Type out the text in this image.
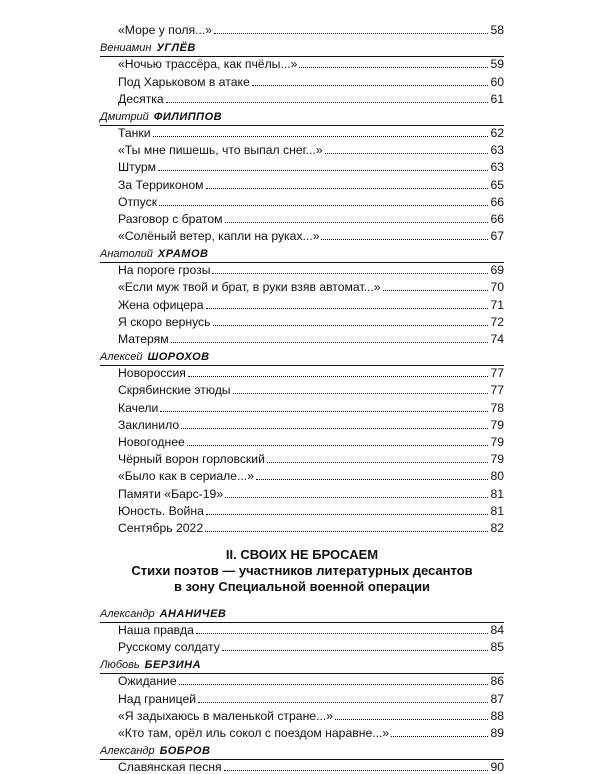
«Море у поля...»	58
Вениамин УГЛЁВ
«Ночью трассёра, как пчёлы...»	59
Под Харьковом в атаке	60
Десятка	61
Дмитрий ФИЛИППОВ
Танки	62
«Ты мне пишешь, что выпал снег...»	63
Штурм	63
За Терриконом	65
Отпуск	66
Разговор с братом	66
«Солёный ветер, капли на руках...»	67
Анатолий ХРАМОВ
На пороге грозы	69
«Если муж твой и брат, в руки взяв автомат...»	70
Жена офицера	71
Я скоро вернусь	72
Матерям	74
Алексей ШОРОХОВ
Новороссия	77
Скрябинские этюды	77
Качели	78
Заклинило	79
Новогоднее	79
Чёрный ворон горловский	79
«Было как в сериале...»	80
Памяти «Барс-19»	81
Юность. Война	81
Сентябрь 2022	82
II. СВОИХ НЕ БРОСАЕМ
Стихи поэтов — участников литературных десантов
в зону Специальной военной операции
Александр АНАНИЧЕВ
Наша правда	84
Русскому солдату	85
Любовь БЕРЗИНА
Ожидание	86
Над границей	87
«Я задыхаюсь в маленькой стране...»	88
«Кто там, орёл иль сокол с поездом наравне...»	89
Александр БОБРОВ
Славянская песня	90
